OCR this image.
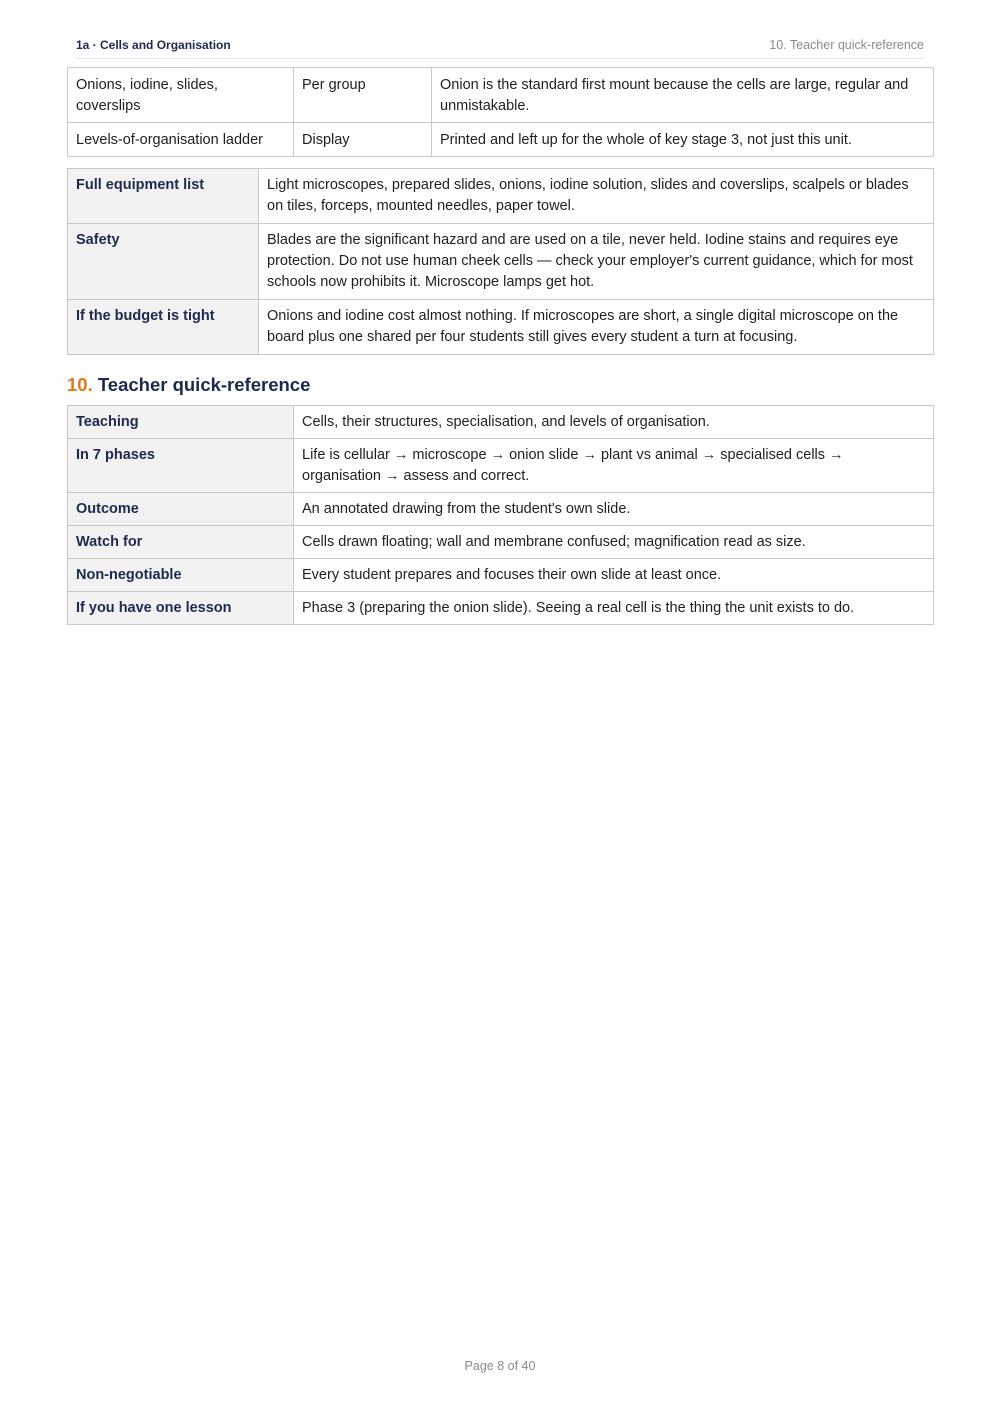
1a · Cells and Organisation	10. Teacher quick-reference
Onions, iodine, slides, coverslips	Per group	Onion is the standard first mount because the cells are large, regular and unmistakable.
Levels-of-organisation ladder	Display	Printed and left up for the whole of key stage 3, not just this unit.
Full equipment list	Light microscopes, prepared slides, onions, iodine solution, slides and coverslips, scalpels or blades on tiles, forceps, mounted needles, paper towel.
Safety	Blades are the significant hazard and are used on a tile, never held. Iodine stains and requires eye protection. Do not use human cheek cells — check your employer's current guidance, which for most schools now prohibits it. Microscope lamps get hot.
If the budget is tight	Onions and iodine cost almost nothing. If microscopes are short, a single digital microscope on the board plus one shared per four students still gives every student a turn at focusing.
10. Teacher quick-reference
Teaching	Cells, their structures, specialisation, and levels of organisation.
In 7 phases	Life is cellular → microscope → onion slide → plant vs animal → specialised cells → organisation → assess and correct.
Outcome	An annotated drawing from the student's own slide.
Watch for	Cells drawn floating; wall and membrane confused; magnification read as size.
Non-negotiable	Every student prepares and focuses their own slide at least once.
If you have one lesson	Phase 3 (preparing the onion slide). Seeing a real cell is the thing the unit exists to do.
Page 8 of 40
